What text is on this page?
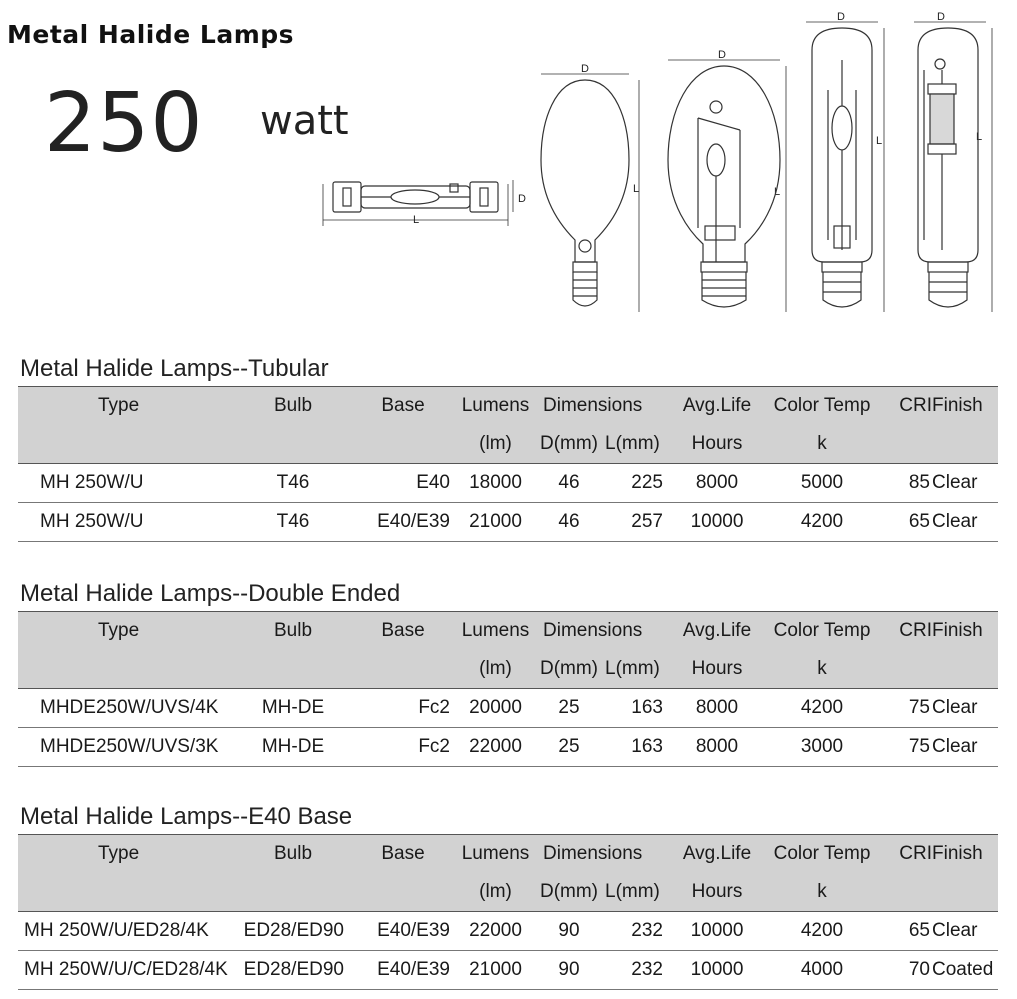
Metal Halide Lamps
250 watt
L
D
D
L
D
L
D
L
D
L
Metal Halide Lamps--Tubular
Type	Bulb	Base	Lumens	Dimensions		Avg.Life	Color Temp	CRI	Finish
			(lm)	D(mm)	L(mm)	Hours	k		
MH 250W/U	T46	E40	18000	46	225	8000	5000	85	Clear
MH 250W/U	T46	E40/E39	21000	46	257	10000	4200	65	Clear
Metal Halide Lamps--Double Ended
Type	Bulb	Base	Lumens	Dimensions		Avg.Life	Color Temp	CRI	Finish
			(lm)	D(mm)	L(mm)	Hours	k		
MHDE250W/UVS/4K	MH-DE	Fc2	20000	25	163	8000	4200	75	Clear
MHDE250W/UVS/3K	MH-DE	Fc2	22000	25	163	8000	3000	75	Clear
Metal Halide Lamps--E40 Base
Type	Bulb	Base	Lumens	Dimensions		Avg.Life	Color Temp	CRI	Finish
			(lm)	D(mm)	L(mm)	Hours	k		
MH 250W/U/ED28/4K	ED28/ED90	E40/E39	22000	90	232	10000	4200	65	Clear
MH 250W/U/C/ED28/4K	ED28/ED90	E40/E39	21000	90	232	10000	4000	70	Coated
